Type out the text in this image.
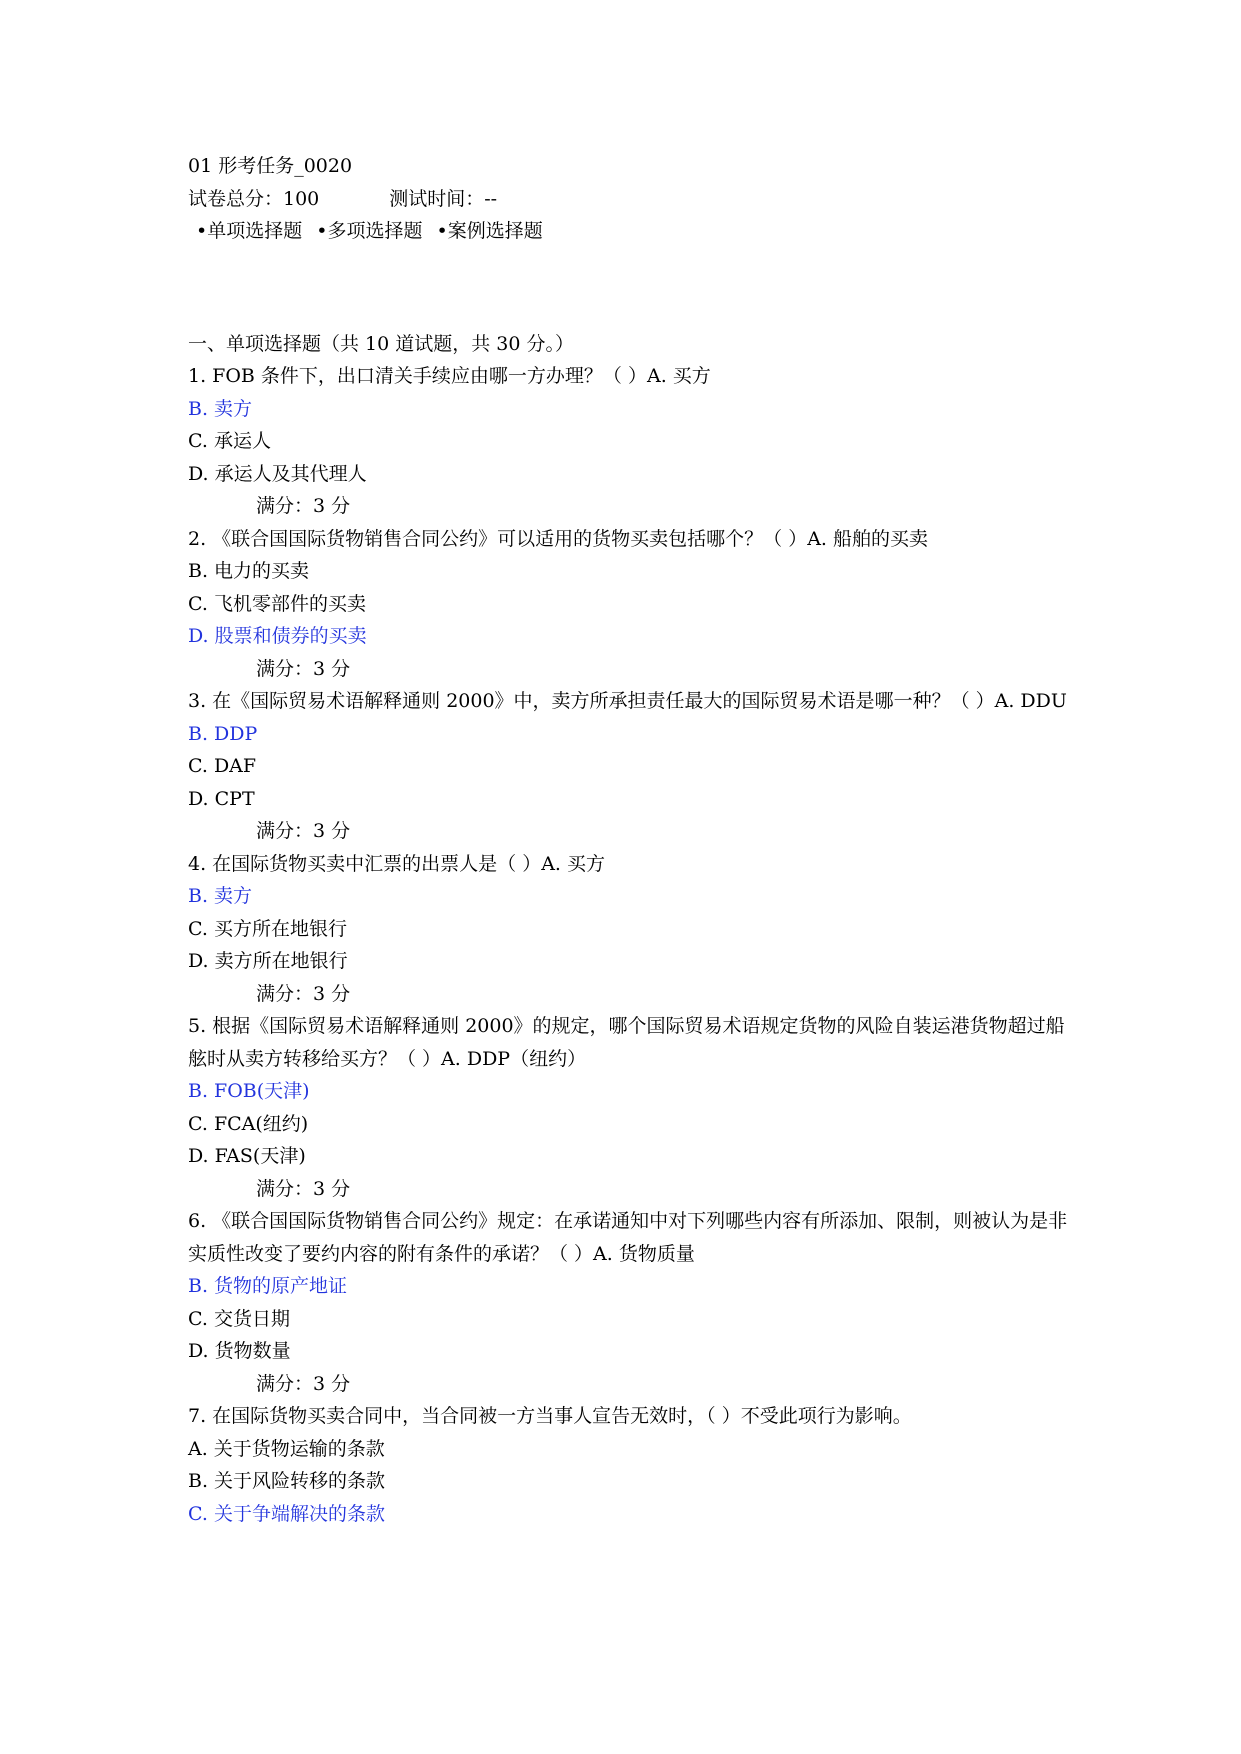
01 形考任务_0020
试卷总分：100	测试时间：--
•单项选择题 •多项选择题 •案例选择题
一、单项选择题（共 10 道试题，共 30 分。）
1. FOB 条件下，出口清关手续应由哪一方办理？（ ）A. 买方
B. 卖方
C. 承运人
D. 承运人及其代理人
满分：3 分
2. 《联合国国际货物销售合同公约》可以适用的货物买卖包括哪个？（ ）A. 船舶的买卖
B. 电力的买卖
C. 飞机零部件的买卖
D. 股票和债券的买卖
满分：3 分
3. 在《国际贸易术语解释通则 2000》中，卖方所承担责任最大的国际贸易术语是哪一种？（ ）A. DDU
B. DDP
C. DAF
D. CPT
满分：3 分
4. 在国际货物买卖中汇票的出票人是（ ）A. 买方
B. 卖方
C. 买方所在地银行
D. 卖方所在地银行
满分：3 分
5. 根据《国际贸易术语解释通则 2000》的规定，哪个国际贸易术语规定货物的风险自装运港货物超过船舷时从卖方转移给买方？（ ）A. DDP（纽约）
B. FOB(天津)
C. FCA(纽约)
D. FAS(天津)
满分：3 分
6. 《联合国国际货物销售合同公约》规定：在承诺通知中对下列哪些内容有所添加、限制，则被认为是非实质性改变了要约内容的附有条件的承诺？（ ）A. 货物质量
B. 货物的原产地证
C. 交货日期
D. 货物数量
满分：3 分
7. 在国际货物买卖合同中，当合同被一方当事人宣告无效时，（ ）不受此项行为影响。
A. 关于货物运输的条款
B. 关于风险转移的条款
C. 关于争端解决的条款
